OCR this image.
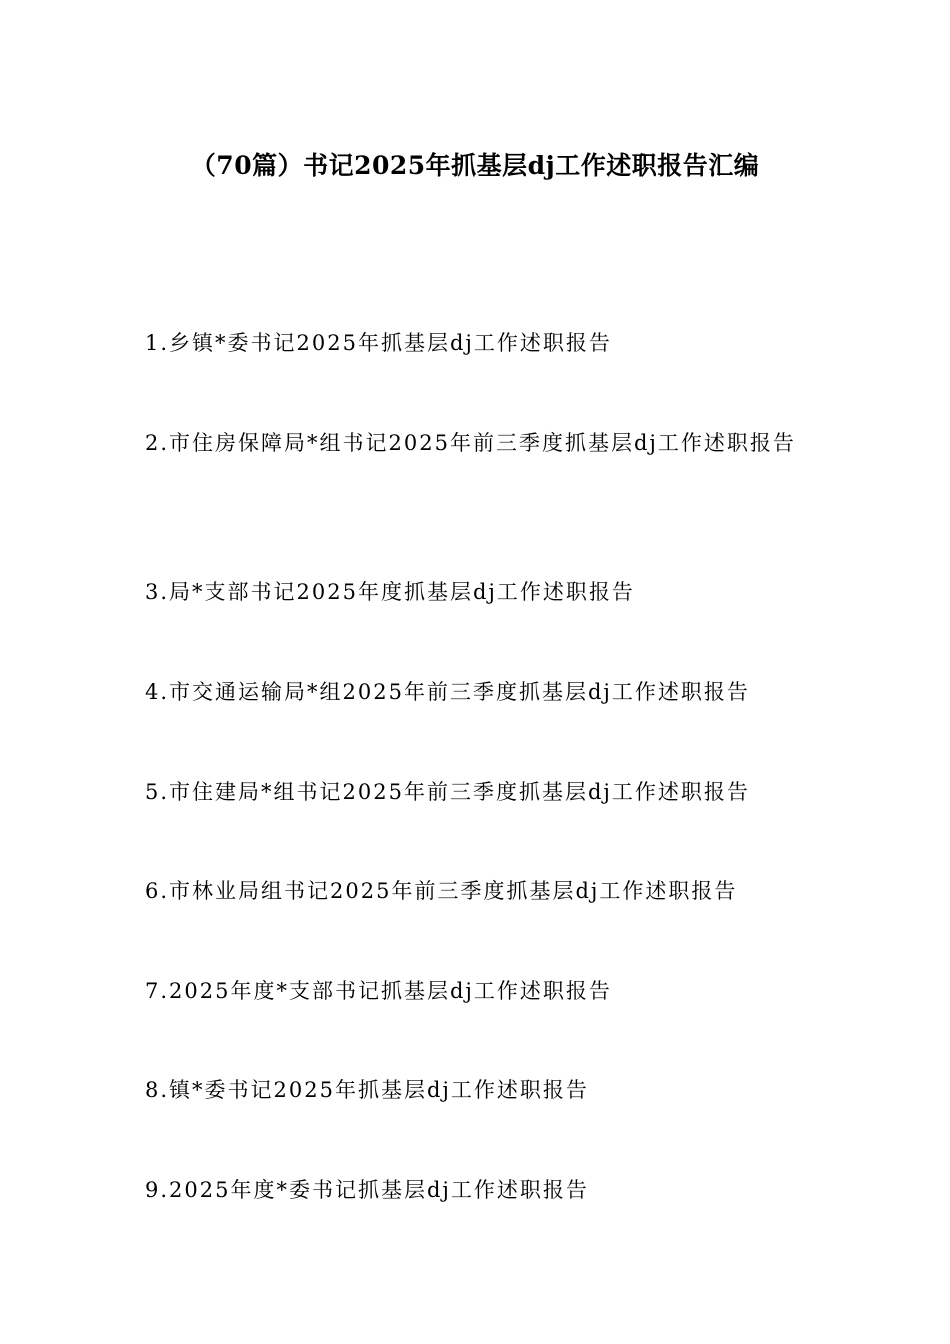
（70篇）书记2025年抓基层dj工作述职报告汇编
1.乡镇*委书记2025年抓基层dj工作述职报告
2.市住房保障局*组书记2025年前三季度抓基层dj工作述职报告
3.局*支部书记2025年度抓基层dj工作述职报告
4.市交通运输局*组2025年前三季度抓基层dj工作述职报告
5.市住建局*组书记2025年前三季度抓基层dj工作述职报告
6.市林业局组书记2025年前三季度抓基层dj工作述职报告
7.2025年度*支部书记抓基层dj工作述职报告
8.镇*委书记2025年抓基层dj工作述职报告
9.2025年度*委书记抓基层dj工作述职报告
